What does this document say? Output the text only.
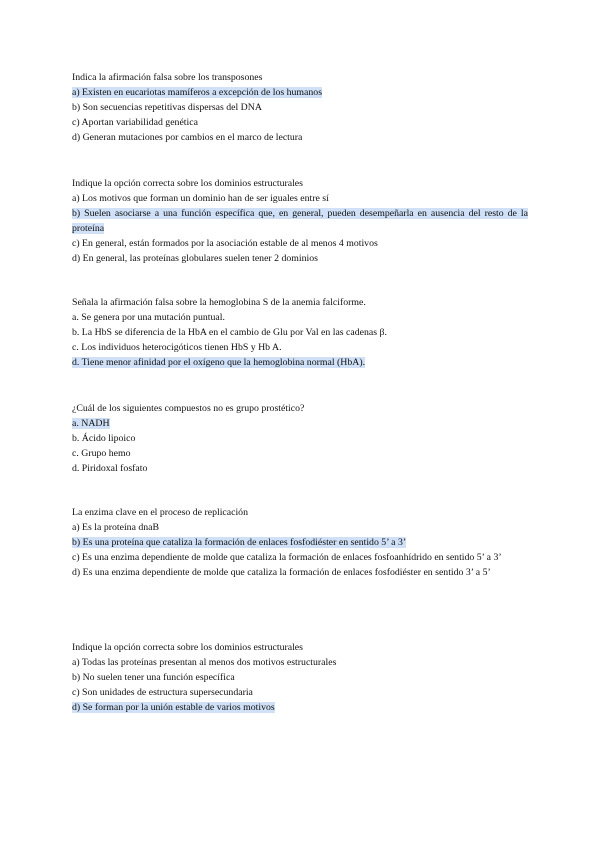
Indica la afirmación falsa sobre los transposones
a) Existen en eucariotas mamíferos a excepción de los humanos
b) Son secuencias repetitivas dispersas del DNA
c) Aportan variabilidad genética
d) Generan mutaciones por cambios en el marco de lectura
Indique la opción correcta sobre los dominios estructurales
a) Los motivos que forman un dominio han de ser iguales entre sí
b) Suelen asociarse a una función específica que, en general, pueden desempeñarla en ausencia del resto de la proteína
c) En general, están formados por la asociación estable de al menos 4 motivos
d) En general, las proteínas globulares suelen tener 2 dominios
Señala la afirmación falsa sobre la hemoglobina S de la anemia falciforme.
a. Se genera por una mutación puntual.
b. La HbS se diferencia de la HbA en el cambio de Glu por Val en las cadenas β.
c. Los individuos heterocigóticos tienen HbS y Hb A.
d. Tiene menor afinidad por el oxígeno que la hemoglobina normal (HbA).
¿Cuál de los siguientes compuestos no es grupo prostético?
a. NADH
b. Ácido lipoico
c. Grupo hemo
d. Piridoxal fosfato
La enzima clave en el proceso de replicación
a) Es la proteína dnaB
b) Es una proteína que cataliza la formación de enlaces fosfodiéster en sentido 5’ a 3’
c) Es una enzima dependiente de molde que cataliza la formación de enlaces fosfoanhídrido en sentido 5’ a 3’
d) Es una enzima dependiente de molde que cataliza la formación de enlaces fosfodiéster en sentido 3’ a 5’
Indique la opción correcta sobre los dominios estructurales
a) Todas las proteínas presentan al menos dos motivos estructurales
b) No suelen tener una función específica
c) Son unidades de estructura supersecundaria
d) Se forman por la unión estable de varios motivos
